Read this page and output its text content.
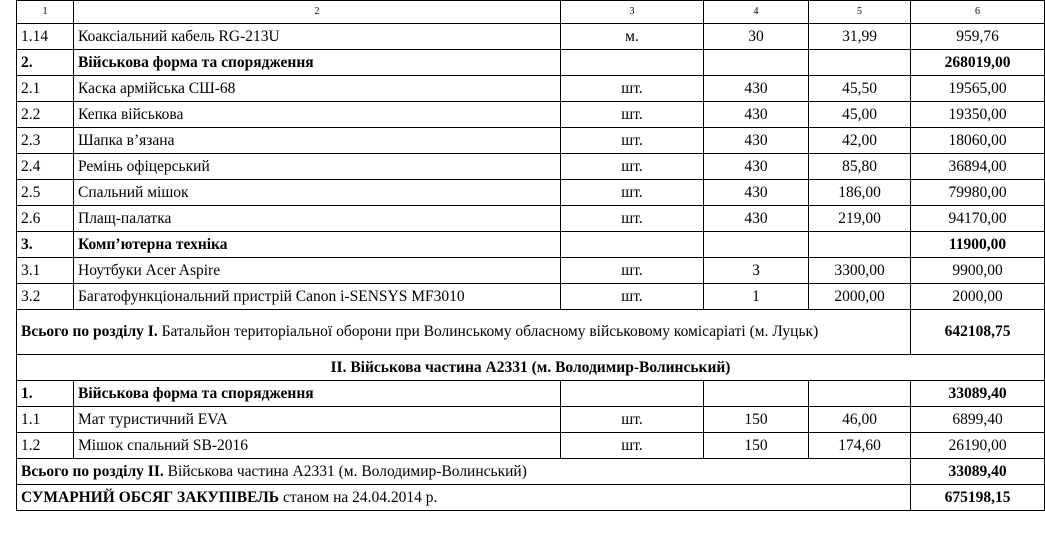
1	2	3	4	5	6
1.14	Коаксіальний кабель RG-213U	м.	30	31,99	959,76
2.	Військова форма та спорядження				268019,00
2.1	Каска армійська СШ-68	шт.	430	45,50	19565,00
2.2	Кепка військова	шт.	430	45,00	19350,00
2.3	Шапка в’язана	шт.	430	42,00	18060,00
2.4	Ремінь офіцерський	шт.	430	85,80	36894,00
2.5	Спальний мішок	шт.	430	186,00	79980,00
2.6	Плащ-палатка	шт.	430	219,00	94170,00
3.	Комп’ютерна техніка				11900,00
3.1	Ноутбуки Acer Aspire	шт.	3	3300,00	9900,00
3.2	Багатофункціональний пристрій Canon i-SENSYS MF3010	шт.	1	2000,00	2000,00
Всього по розділу І. Батальйон територіальної оборони при Волинському обласному військовому комісаріаті (м. Луцьк)					642108,75
ІІ. Військова частина А2331 (м. Володимир-Волинський)					
1.	Військова форма та спорядження				33089,40
1.1	Мат туристичний EVA	шт.	150	46,00	6899,40
1.2	Мішок спальний SB-2016	шт.	150	174,60	26190,00
Всього по розділу ІІ. Військова частина А2331 (м. Володимир-Волинський)					33089,40
СУМАРНИЙ ОБСЯГ ЗАКУПІВЕЛЬ станом на 24.04.2014 р.					675198,15
